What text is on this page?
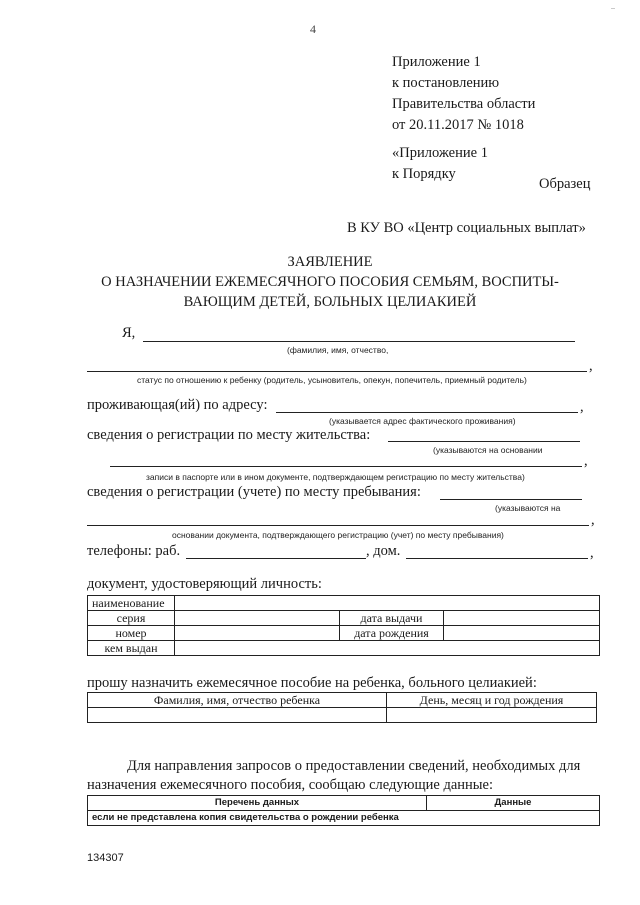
..
4
Приложение 1
к постановлению
Правительства области
от 20.11.2017 № 1018
«Приложение 1
к Порядку
Образец
В КУ ВО «Центр социальных выплат»
ЗАЯВЛЕНИЕ
О НАЗНАЧЕНИИ ЕЖЕМЕСЯЧНОГО ПОСОБИЯ СЕМЬЯМ, ВОСПИТЫ-
ВАЮЩИМ ДЕТЕЙ, БОЛЬНЫХ ЦЕЛИАКИЕЙ
Я,
(фамилия, имя, отчество,
,
статус по отношению к ребенку (родитель, усыновитель, опекун, попечитель, приемный родитель)
проживающая(ий) по адресу:	,
(указывается адрес фактического проживания)
сведения о регистрации по месту жительства:
(указываются на основании
,
записи в паспорте или в ином документе, подтверждающем регистрацию по месту жительства)
сведения о регистрации (учете) по месту пребывания:
(указываются на
,
основании документа, подтверждающего регистрацию (учет) по месту пребывания)
телефоны: раб.	, дом.	,
документ, удостоверяющий личность:
наименование			
серия		дата выдачи	
номер		дата рождения	
кем выдан			
прошу назначить ежемесячное пособие на ребенка, больного целиакией:
Фамилия, имя, отчество ребенка	День, месяц и год рождения

Для направления запросов о предоставлении сведений, необходимых для назначения ежемесячного пособия, сообщаю следующие данные:
Перечень данных	Данные
если не представлена копия свидетельства о рождении ребенка
134307
